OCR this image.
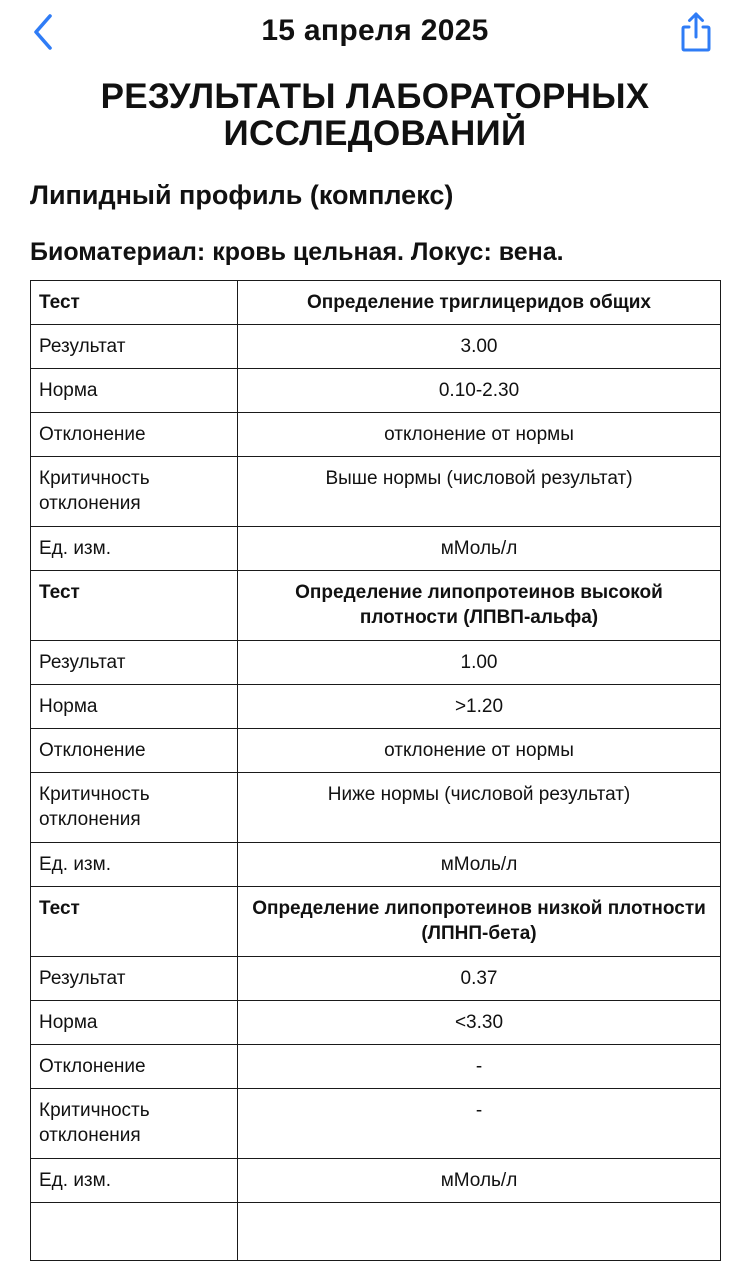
15 апреля 2025
РЕЗУЛЬТАТЫ ЛАБОРАТОРНЫХ
ИССЛЕДОВАНИЙ
Липидный профиль (комплекс)
Биоматериал: кровь цельная. Локус: вена.
Тест	Определение триглицеридов общих
Результат	3.00
Норма	0.10-2.30
Отклонение	отклонение от нормы
Критичность отклонения	Выше нормы (числовой результат)
Ед. изм.	мМоль/л
Тест	Определение липопротеинов высокой плотности (ЛПВП-альфа)
Результат	1.00
Норма	>1.20
Отклонение	отклонение от нормы
Критичность отклонения	Ниже нормы (числовой результат)
Ед. изм.	мМоль/л
Тест	Определение липопротеинов низкой плотности (ЛПНП-бета)
Результат	0.37
Норма	<3.30
Отклонение	-
Критичность отклонения	-
Ед. изм.	мМоль/л
